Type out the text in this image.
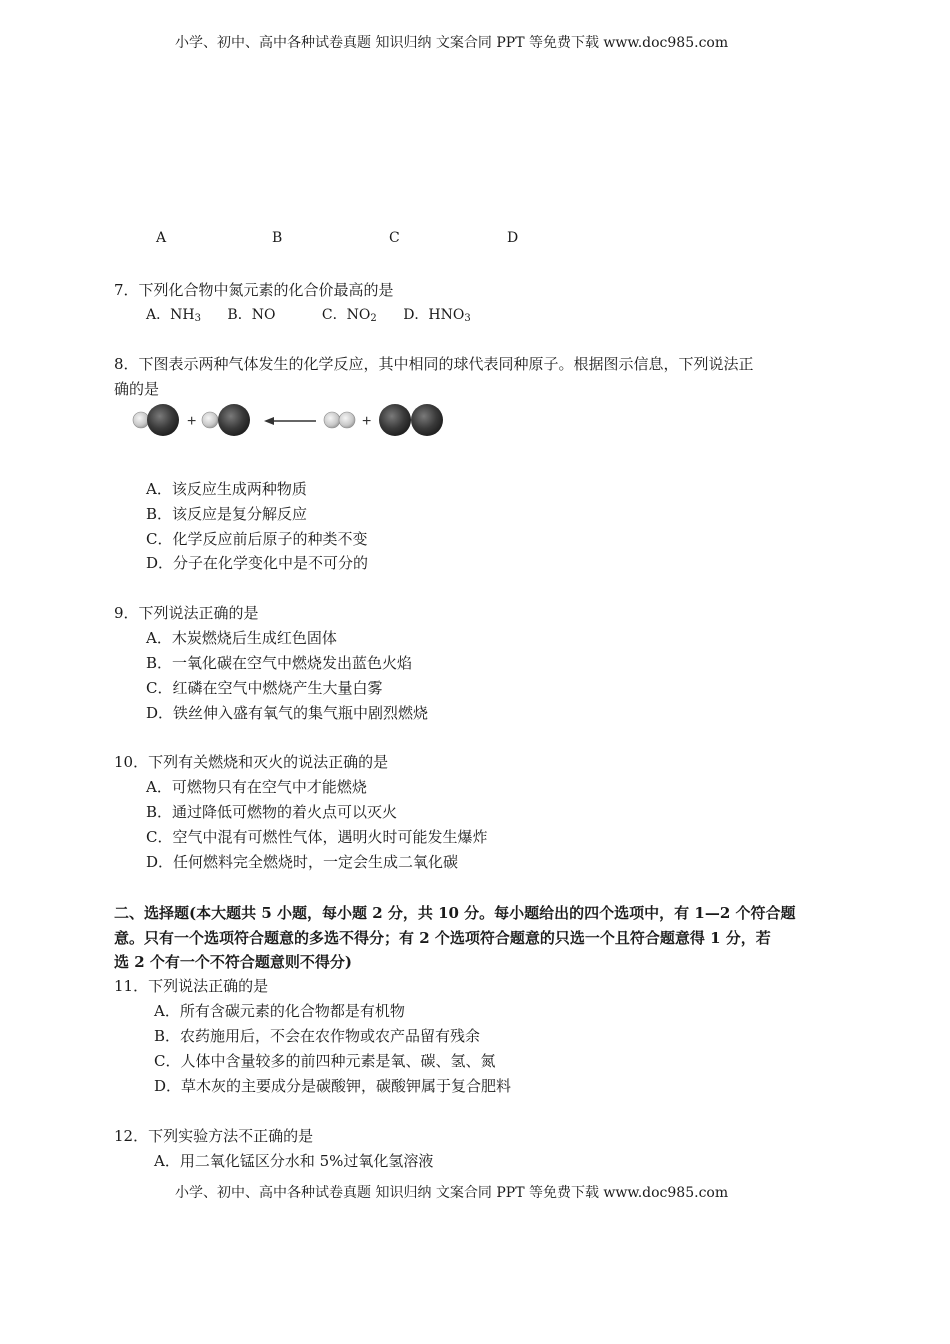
小学、初中、高中各种试卷真题 知识归纳 文案合同 PPT 等免费下载 www.doc985.com
A	B	C	D
7．下列化合物中氮元素的化合价最高的是
A．$NH_3$ B．NO	C．$NO_2$ D．$HNO_3$
8．下图表示两种气体发生的化学反应，其中相同的球代表同种原子。根据图示信息，下列说法正
确的是
+	+
A．该反应生成两种物质
B．该反应是复分解反应
C．化学反应前后原子的种类不变
D．分子在化学变化中是不可分的
9．下列说法正确的是
A．木炭燃烧后生成红色固体
B．一氧化碳在空气中燃烧发出蓝色火焰
C．红磷在空气中燃烧产生大量白雾
D．铁丝伸入盛有氧气的集气瓶中剧烈燃烧
10．下列有关燃烧和灭火的说法正确的是
A．可燃物只有在空气中才能燃烧
B．通过降低可燃物的着火点可以灭火
C．空气中混有可燃性气体，遇明火时可能发生爆炸
D．任何燃料完全燃烧时，一定会生成二氧化碳
二、选择题(本大题共 5 小题，每小题 2 分，共 10 分。每小题给出的四个选项中，有 1—2 个符合题
意。只有一个选项符合题意的多选不得分；有 2 个选项符合题意的只选一个且符合题意得 1 分，若
选 2 个有一个不符合题意则不得分)
11．下列说法正确的是
A．所有含碳元素的化合物都是有机物
B．农药施用后，不会在农作物或农产品留有残余
C．人体中含量较多的前四种元素是氧、碳、氢、氮
D．草木灰的主要成分是碳酸钾，碳酸钾属于复合肥料
12．下列实验方法不正确的是
A．用二氧化锰区分水和 5%过氧化氢溶液
小学、初中、高中各种试卷真题 知识归纳 文案合同 PPT 等免费下载 www.doc985.com
